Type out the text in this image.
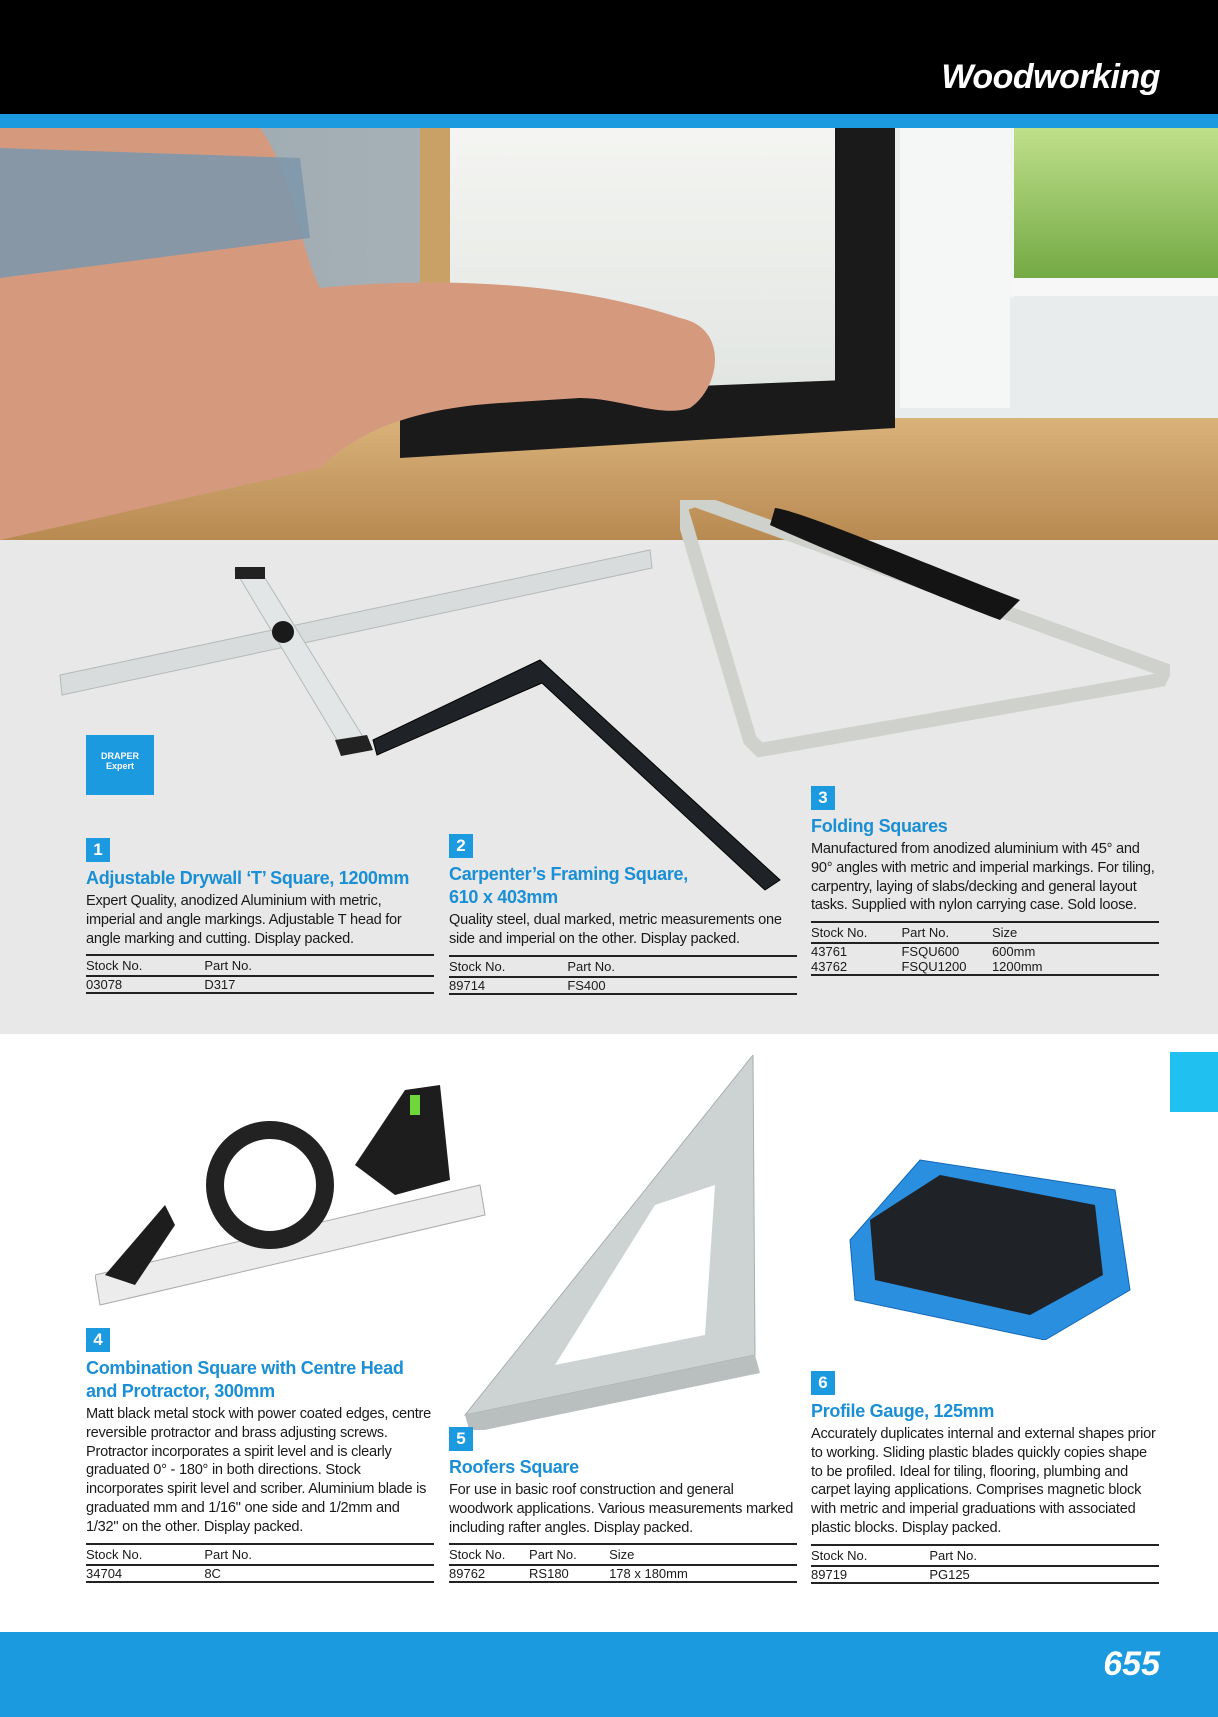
Woodworking
DRAPER
Expert
1
Adjustable Drywall ‘T’ Square, 1200mm
Expert Quality, anodized Aluminium with metric, imperial and angle markings. Adjustable T head for angle marking and cutting. Display packed.
Stock No.	Part No.
03078	D317
2
Carpenter’s Framing Square, 610 x 403mm
Quality steel, dual marked, metric measurements one side and imperial on the other. Display packed.
Stock No.	Part No.
89714	FS400
3
Folding Squares
Manufactured from anodized aluminium with 45° and 90° angles with metric and imperial markings. For tiling, carpentry, laying of slabs/decking and general layout tasks. Supplied with nylon carrying case. Sold loose.
Stock No.	Part No.	Size
43761	FSQU600	600mm
43762	FSQU1200	1200mm
4
Combination Square with Centre Head and Protractor, 300mm
Matt black metal stock with power coated edges, centre reversible protractor and brass adjusting screws. Protractor incorporates a spirit level and is clearly graduated 0° - 180° in both directions. Stock incorporates spirit level and scriber. Aluminium blade is graduated mm and 1/16" one side and 1/2mm and 1/32" on the other. Display packed.
Stock No.	Part No.
34704	8C
5
Roofers Square
For use in basic roof construction and general woodwork applications. Various measurements marked including rafter angles. Display packed.
Stock No.	Part No.	Size
89762	RS180	178 x 180mm
6
Profile Gauge, 125mm
Accurately duplicates internal and external shapes prior to working. Sliding plastic blades quickly copies shape to be profiled. Ideal for tiling, flooring, plumbing and carpet laying applications. Comprises magnetic block with metric and imperial graduations with associated plastic blocks. Display packed.
Stock No.	Part No.
89719	PG125
655
